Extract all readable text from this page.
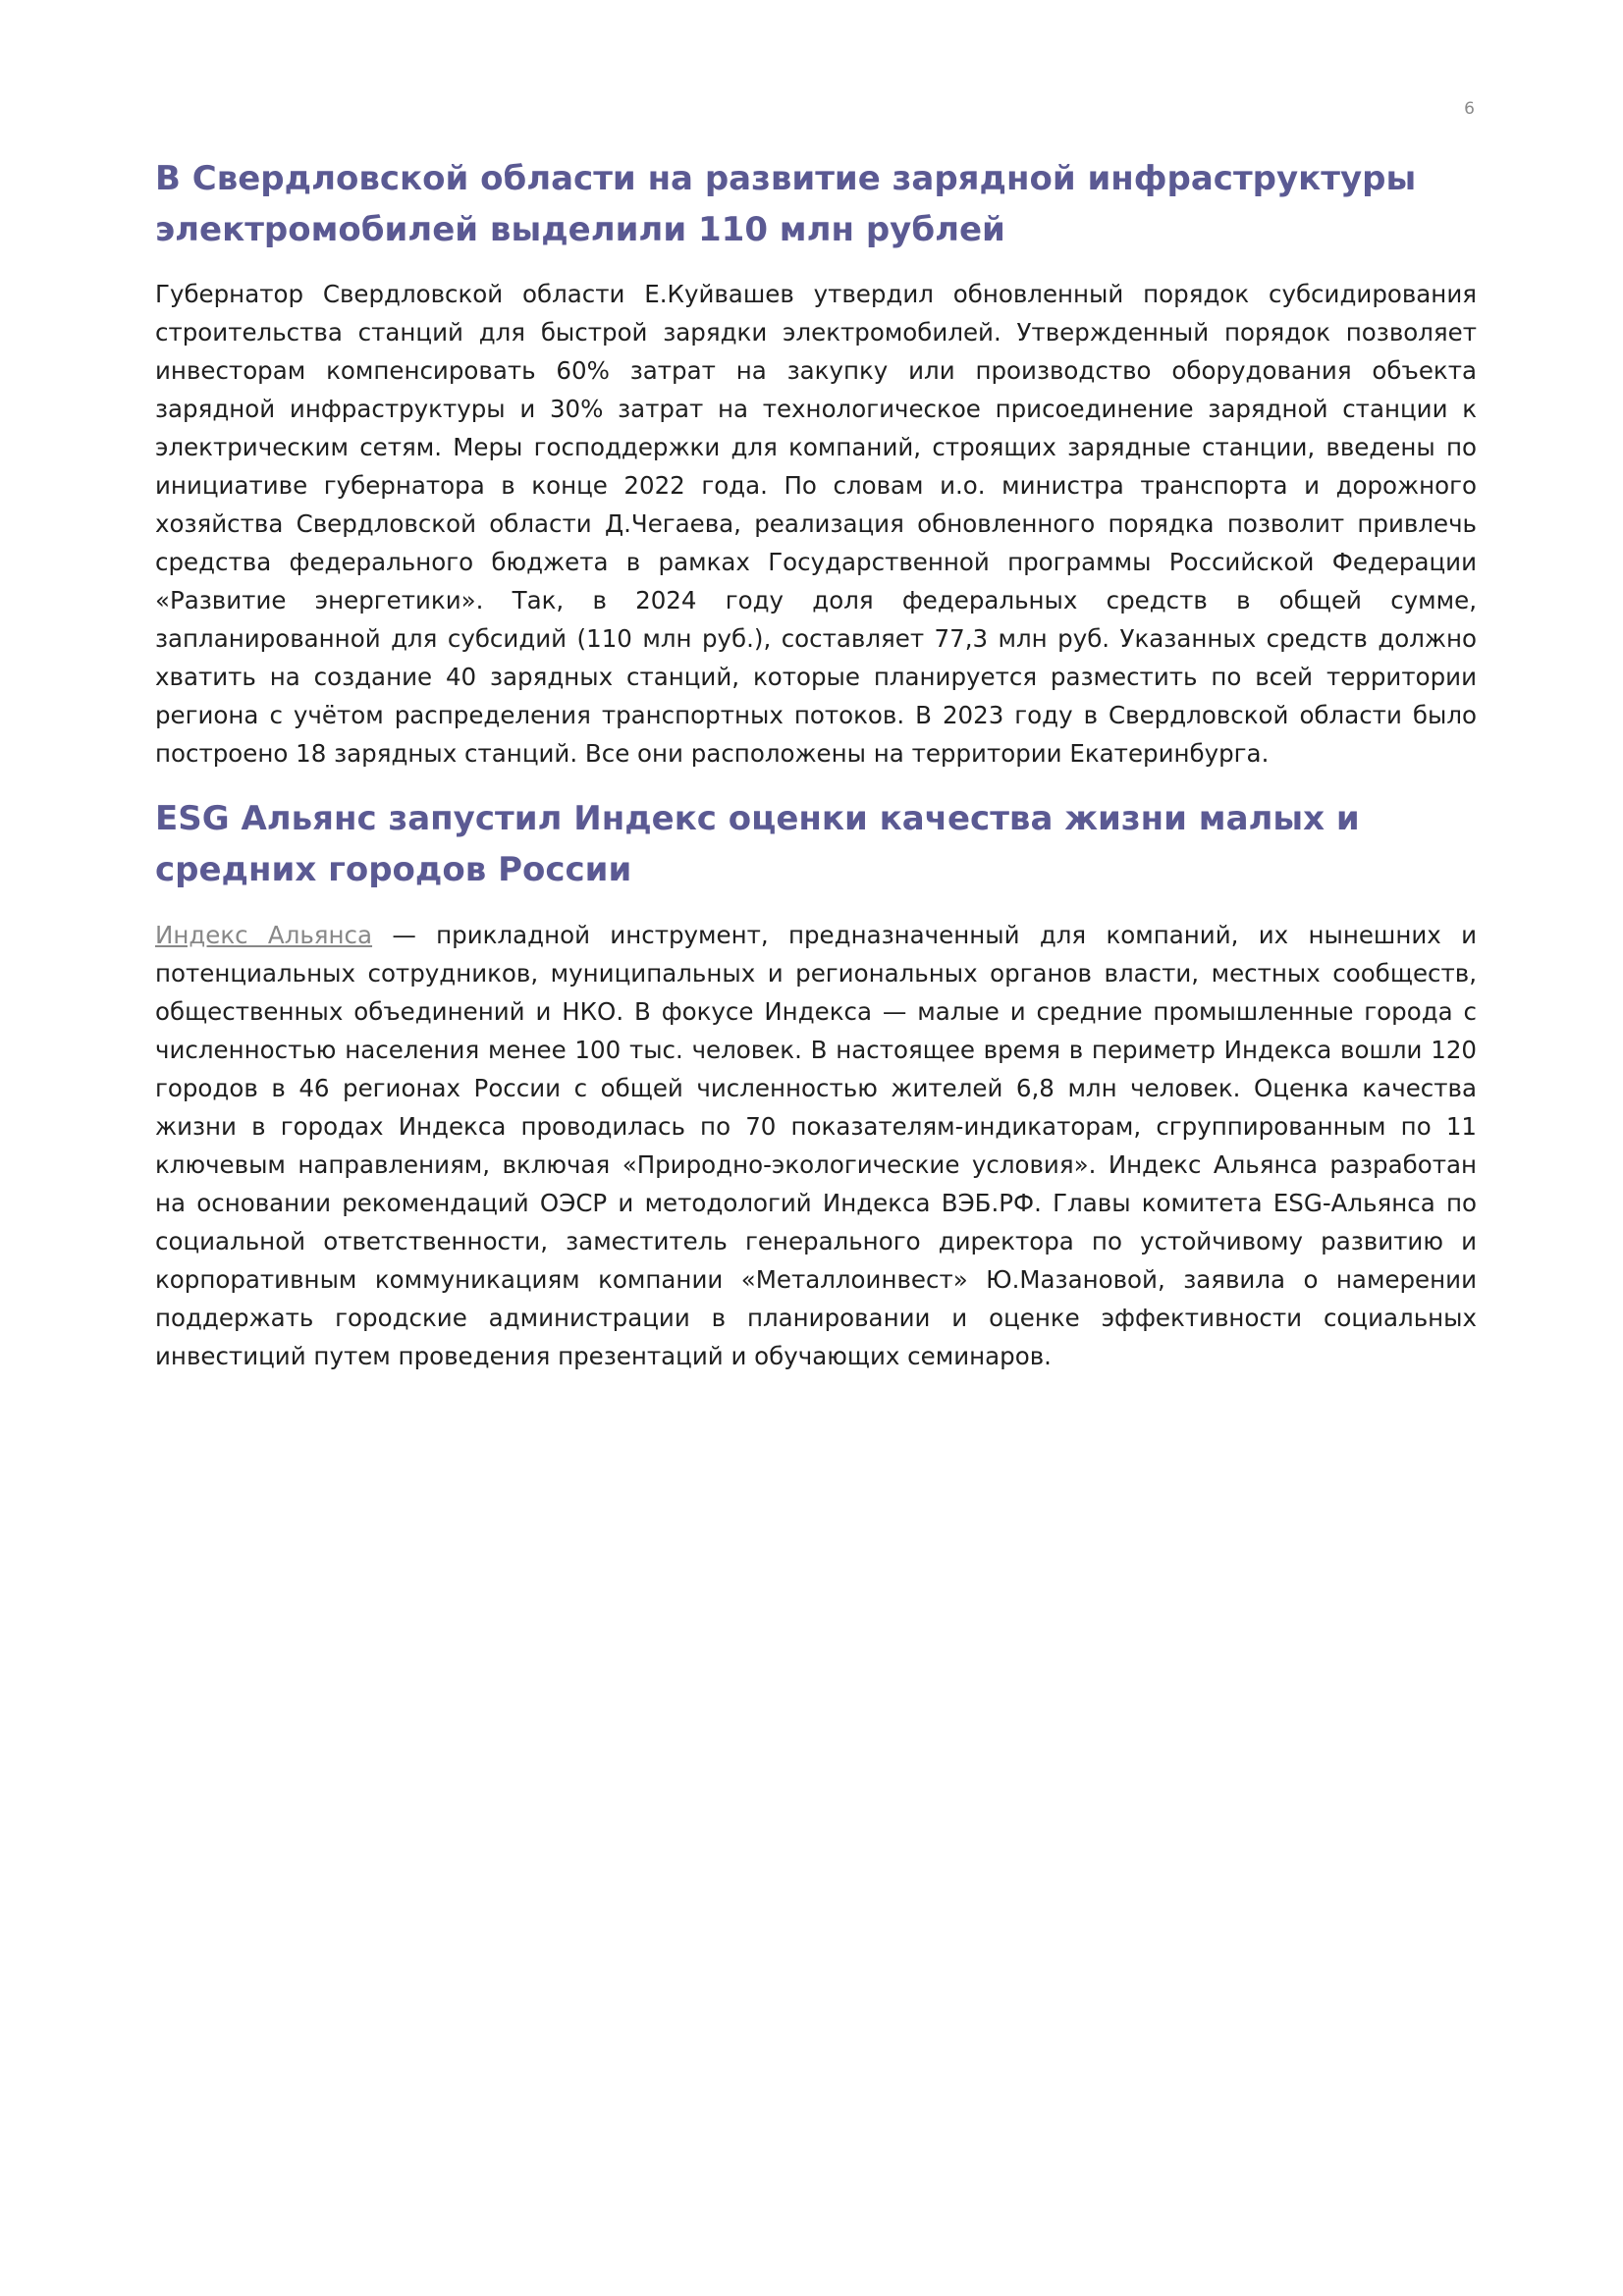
6
В Свердловской области на развитие зарядной инфраструктуры электромобилей выделили 110 млн рублей

Губернатор Свердловской области Е.Куйвашев утвердил обновленный порядок субсидирования строительства станций для быстрой зарядки электромобилей. Утвержденный порядок позволяет инвесторам компенсировать 60% затрат на закупку или производство оборудования объекта зарядной инфраструктуры и 30% затрат на технологическое присоединение зарядной станции к электрическим сетям. Меры господдержки для компаний, строящих зарядные станции, введены по инициативе губернатора в конце 2022 года. По словам и.о. министра транспорта и дорожного хозяйства Свердловской области Д.Чегаева, реализация обновленного порядка позволит привлечь средства федерального бюджета в рамках Государственной программы Российской Федерации «Развитие энергетики». Так, в 2024 году доля федеральных средств в общей сумме, запланированной для субсидий (110 млн руб.), составляет 77,3 млн руб. Указанных средств должно хватить на создание 40 зарядных станций, которые планируется разместить по всей территории региона с учётом распределения транспортных потоков. В 2023 году в Свердловской области было построено 18 зарядных станций. Все они расположены на территории Екатеринбурга.

ESG Альянс запустил Индекс оценки качества жизни малых и средних городов России

Индекс Альянса — прикладной инструмент, предназначенный для компаний, их нынешних и потенциальных сотрудников, муниципальных и региональных органов власти, местных сообществ, общественных объединений и НКО. В фокусе Индекса — малые и средние промышленные города с численностью населения менее 100 тыс. человек. В настоящее время в периметр Индекса вошли 120 городов в 46 регионах России с общей численностью жителей 6,8 млн человек. Оценка качества жизни в городах Индекса проводилась по 70 показателям-индикаторам, сгруппированным по 11 ключевым направлениям, включая «Природно-экологические условия». Индекс Альянса разработан на основании рекомендаций ОЭСР и методологий Индекса ВЭБ.РФ. Главы комитета ESG-Альянса по социальной ответственности, заместитель генерального директора по устойчивому развитию и корпоративным коммуникациям компании «Металлоинвест» Ю.Мазановой, заявила о намерении поддержать городские администрации в планировании и оценке эффективности социальных инвестиций путем проведения презентаций и обучающих семинаров.
